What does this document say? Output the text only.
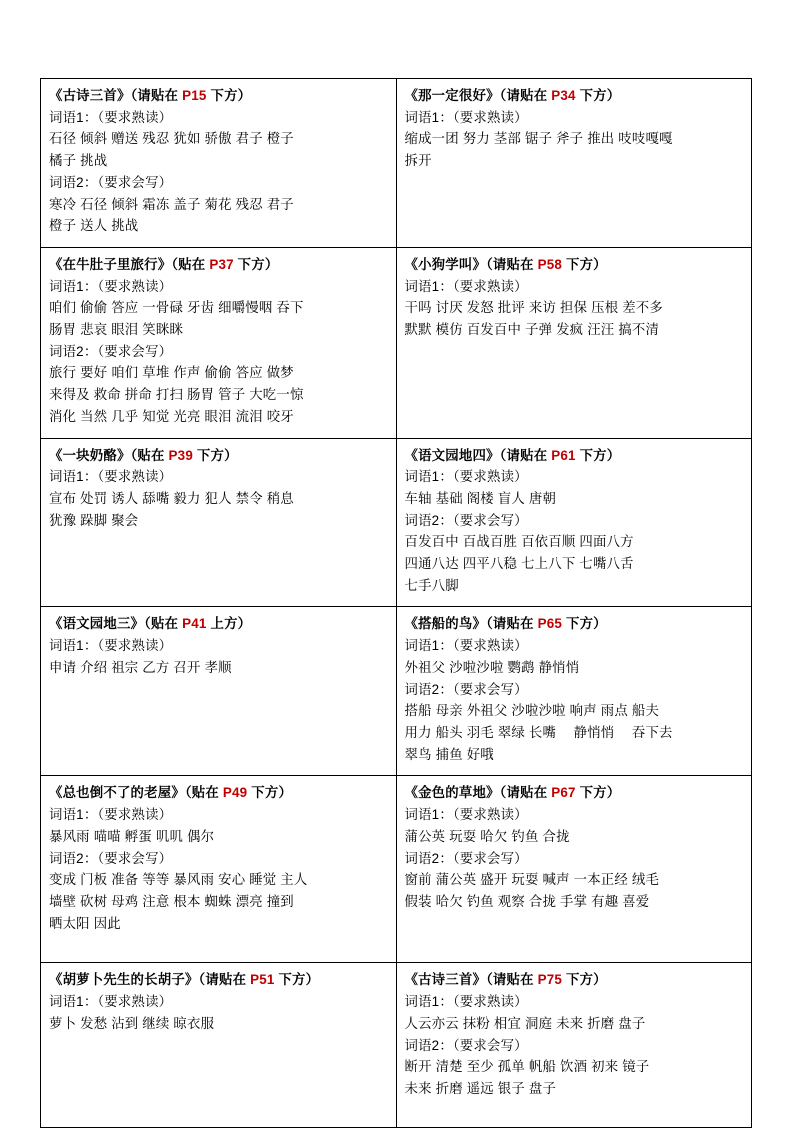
《古诗三首》（请贴在 P15 下方）
词语1：（要求熟读）
石径 倾斜 赠送 残忍 犹如 骄傲 君子 橙子
橘子 挑战
词语2：（要求会写）
寒冷 石径 倾斜 霜冻 盖子 菊花 残忍 君子
橙子 送人 挑战

《那一定很好》（请贴在 P34 下方）
词语1：（要求熟读）
缩成一团 努力 茎部 锯子 斧子 推出 吱吱嘎嘎
拆开

《在牛肚子里旅行》（贴在 P37 下方）
词语1：（要求熟读）
咱们 偷偷 答应 一骨碌 牙齿 细嚼慢咽 吞下
肠胃 悲哀 眼泪 笑眯眯
词语2：（要求会写）
旅行 要好 咱们 草堆 作声 偷偷 答应 做梦
来得及 救命 拼命 打扫 肠胃 管子 大吃一惊
消化 当然 几乎 知觉 光亮 眼泪 流泪 咬牙

《小狗学叫》（请贴在 P58 下方）
词语1：（要求熟读）
干吗 讨厌 发怒 批评 来访 担保 压根 差不多
默默 模仿 百发百中 子弹 发疯 汪汪 搞不清

《一块奶酪》（贴在 P39 下方）
词语1：（要求熟读）
宣布 处罚 诱人 舔嘴 毅力 犯人 禁令 稍息
犹豫 跺脚 聚会

《语文园地四》（请贴在 P61 下方）
词语1：（要求熟读）
车轴 基础 阁楼 盲人 唐朝
词语2：（要求会写）
百发百中 百战百胜 百依百顺 四面八方
四通八达 四平八稳 七上八下 七嘴八舌
七手八脚

《语文园地三》（贴在 P41 上方）
词语1：（要求熟读）
申请 介绍 祖宗 乙方 召开 孝顺

《搭船的鸟》（请贴在 P65 下方）
词语1：（要求熟读）
外祖父 沙啦沙啦 鹦鹉 静悄悄
词语2：（要求会写）
搭船 母亲 外祖父 沙啦沙啦 响声 雨点 船夫
用力 船头 羽毛 翠绿 长嘴 　静悄悄 　吞下去
翠鸟 捕鱼 好哦

《总也倒不了的老屋》（贴在 P49 下方）
词语1：（要求熟读）
暴风雨 喵喵 孵蛋 叽叽 偶尔
词语2：（要求会写）
变成 门板 准备 等等 暴风雨 安心 睡觉 主人
墙壁 砍树 母鸡 注意 根本 蜘蛛 漂亮 撞到
晒太阳 因此

《金色的草地》（请贴在 P67 下方）
词语1：（要求熟读）
蒲公英 玩耍 哈欠 钓鱼 合拢
词语2：（要求会写）
窗前 蒲公英 盛开 玩耍 喊声 一本正经 绒毛
假装 哈欠 钓鱼 观察 合拢 手掌 有趣 喜爱

《胡萝卜先生的长胡子》（请贴在 P51 下方）
词语1：（要求熟读）
萝卜 发愁 沾到 继续 晾衣服

《古诗三首》（请贴在 P75 下方）
词语1：（要求熟读）
人云亦云 抹粉 相宜 洞庭 未来 折磨 盘子
词语2：（要求会写）
断开 清楚 至少 孤单 帆船 饮酒 初来 镜子
未来 折磨 遥远 银子 盘子
